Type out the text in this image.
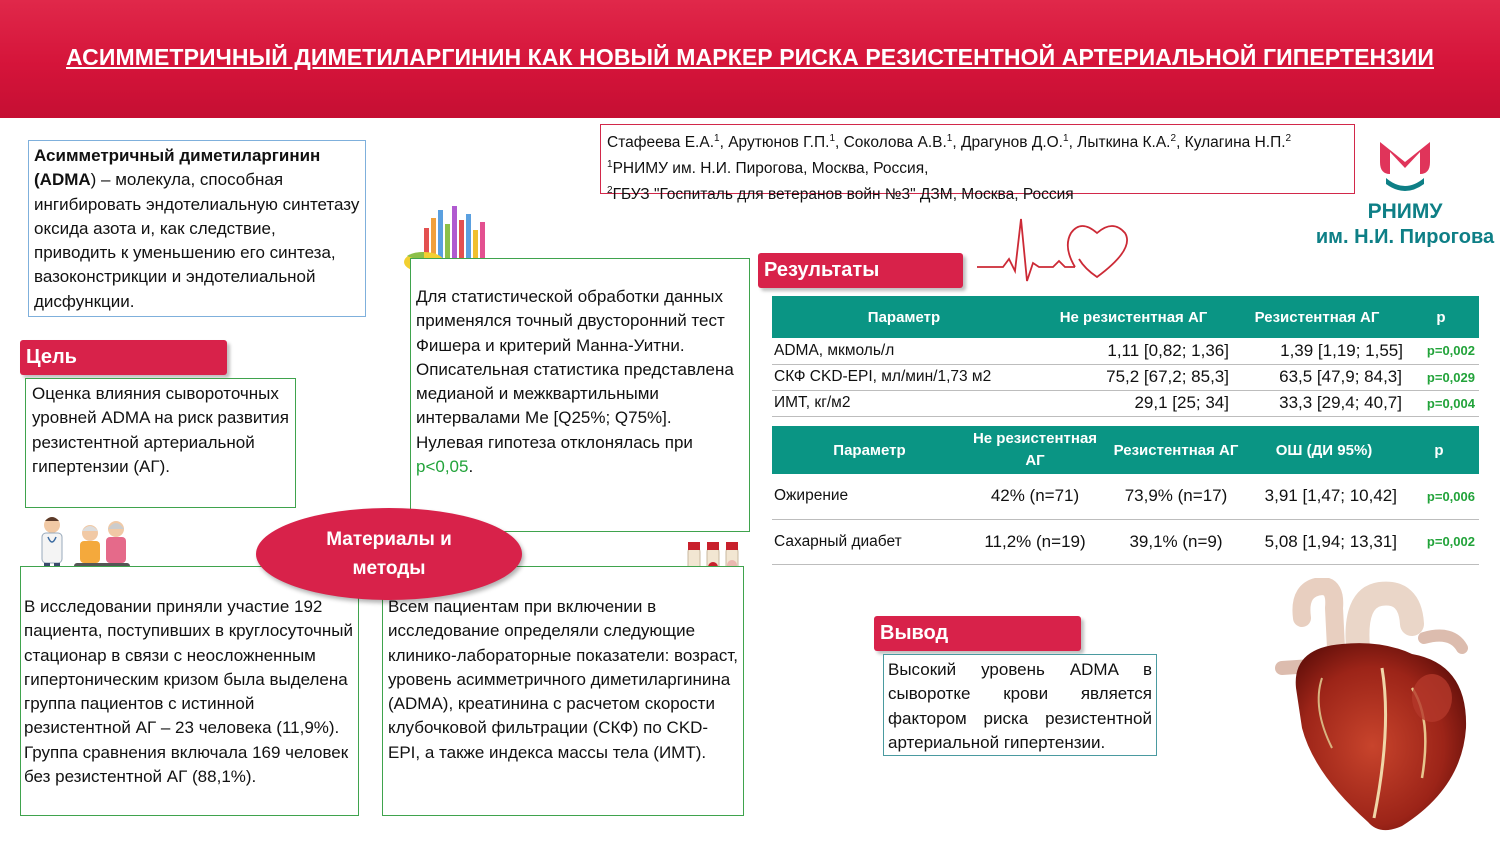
АСИММЕТРИЧНЫЙ ДИМЕТИЛАРГИНИН КАК НОВЫЙ МАРКЕР РИСКА РЕЗИСТЕНТНОЙ АРТЕРИАЛЬНОЙ ГИПЕРТЕНЗИИ
Стафеева Е.А.$^1$, Арутюнов Г.П.$^1$, Соколова А.В.$^1$, Драгунов Д.О.$^1$, Лыткина К.А.$^2$, Кулагина Н.П.$^2$
$^1$РНИМУ им. Н.И. Пирогова, Москва, Россия,
$^2$ГБУЗ "Госпиталь для ветеранов войн №3" ДЗМ, Москва, Россия
РНИМУ
им. Н.И. Пирогова
Асимметричный диметиларгинин (ADMA) – молекула, способная ингибировать эндотелиальную синтетазу оксида азота и, как следствие, приводить к уменьшению его синтеза, вазоконстрикции и эндотелиальной дисфункции.
Цель
Оценка влияния сывороточных уровней ADMA на риск развития резистентной артериальной гипертензии (АГ).
Для статистической обработки данных применялся точный двусторонний тест Фишера и критерий Манна-Уитни. Описательная статистика представлена медианой и межквартильными интервалами Ме [Q25%; Q75%]. Нулевая гипотеза отклонялась при p<0,05.
В исследовании приняли участие 192 пациента, поступивших в круглосуточный стационар в связи с неосложненным гипертоническим кризом была выделена группа пациентов с истинной резистентной АГ – 23 человека (11,9%). Группа сравнения включала 169 человек без резистентной АГ (88,1%).
Всем пациентам при включении в исследование определяли следующие клинико-лабораторные показатели: возраст, уровень асимметричного диметиларгинина (ADMA), креатинина с расчетом скорости клубочковой фильтрации (СКФ) по CKD-EPI, а также индекса массы тела (ИМТ).
Материалы и методы
Результаты
Параметр	Не резистентная АГ	Резистентная АГ	p
ADMA, мкмоль/л	1,11 [0,82; 1,36]	1,39 [1,19; 1,55]	p=0,002
СКФ CKD-EPI, мл/мин/1,73 м2	75,2 [67,2; 85,3]	63,5 [47,9; 84,3]	p=0,029
ИМТ, кг/м2	29,1 [25; 34]	33,3 [29,4; 40,7]	p=0,004
Параметр	Не резистентная АГ	Резистентная АГ	ОШ (ДИ 95%)	p
Ожирение	42% (n=71)	73,9% (n=17)	3,91 [1,47; 10,42]	p=0,006
Сахарный диабет	11,2% (n=19)	39,1% (n=9)	5,08 [1,94; 13,31]	p=0,002
Вывод
Высокий уровень ADMA в сыворотке крови является фактором риска резистентной артериальной гипертензии.
